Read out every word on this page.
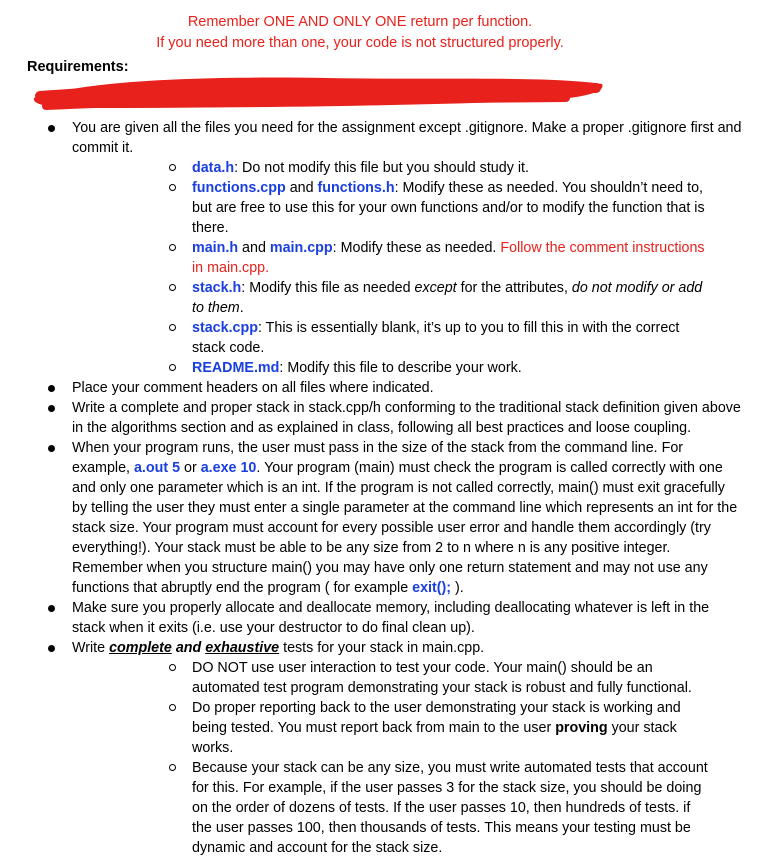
Remember ONE AND ONLY ONE return per function.
If you need more than one, your code is not structured properly.
Requirements:
You are given all the files you need for the assignment except .gitignore. Make a proper .gitignore first and commit it.
data.h: Do not modify this file but you should study it.
functions.cpp and functions.h: Modify these as needed. You shouldn’t need to, but are free to use this for your own functions and/or to modify the function that is there.
main.h and main.cpp: Modify these as needed. Follow the comment instructions in main.cpp.
stack.h: Modify this file as needed except for the attributes, do not modify or add to them.
stack.cpp: This is essentially blank, it’s up to you to fill this in with the correct stack code.
README.md: Modify this file to describe your work.
Place your comment headers on all files where indicated.
Write a complete and proper stack in stack.cpp/h conforming to the traditional stack definition given above in the algorithms section and as explained in class, following all best practices and loose coupling.
When your program runs, the user must pass in the size of the stack from the command line. For example, a.out 5 or a.exe 10. Your program (main) must check the program is called correctly with one and only one parameter which is an int. If the program is not called correctly, main() must exit gracefully by telling the user they must enter a single parameter at the command line which represents an int for the stack size. Your program must account for every possible user error and handle them accordingly (try everything!). Your stack must be able to be any size from 2 to n where n is any positive integer. Remember when you structure main() you may have only one return statement and may not use any functions that abruptly end the program ( for example exit(); ).
Make sure you properly allocate and deallocate memory, including deallocating whatever is left in the stack when it exits (i.e. use your destructor to do final clean up).
Write complete and exhaustive tests for your stack in main.cpp.
DO NOT use user interaction to test your code. Your main() should be an automated test program demonstrating your stack is robust and fully functional.
Do proper reporting back to the user demonstrating your stack is working and being tested. You must report back from main to the user proving your stack works.
Because your stack can be any size, you must write automated tests that account for this. For example, if the user passes 3 for the stack size, you should be doing on the order of dozens of tests. If the user passes 10, then hundreds of tests. if the user passes 100, then thousands of tests. This means your testing must be dynamic and account for the stack size.
